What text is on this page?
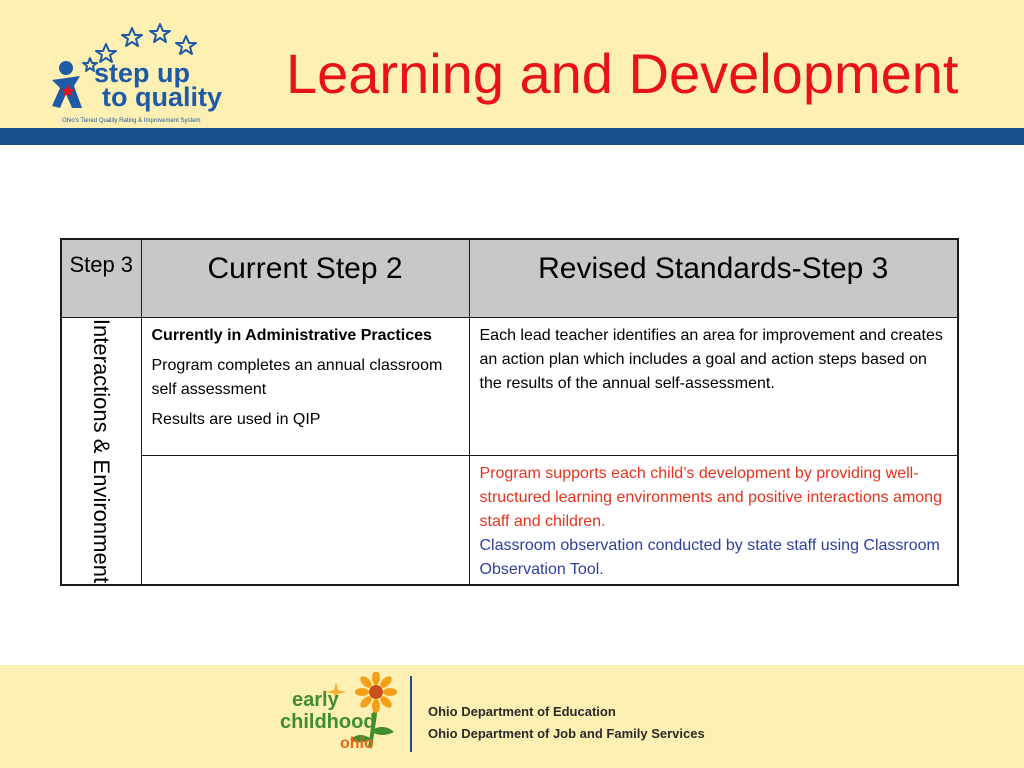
step up
to quality
Ohio's Tiered Quality Rating & Improvement System
Learning and Development
Step 3	Current Step 2	Revised Standards-Step 3

Interactions & Environment	Currently in Administrative Practices

Program completes an annual classroom self assessment

Results are used in QIP	Each lead teacher identifies an area for improvement and creates an action plan which includes a goal and action steps based on the results of the annual self-assessment.

		Program supports each child’s development by providing well-structured learning environments and positive interactions among staff and children.

Classroom observation conducted by state staff using Classroom Observation Tool.

early
childhood
ohio

Ohio Department of Education

Ohio Department of Job and Family Services
